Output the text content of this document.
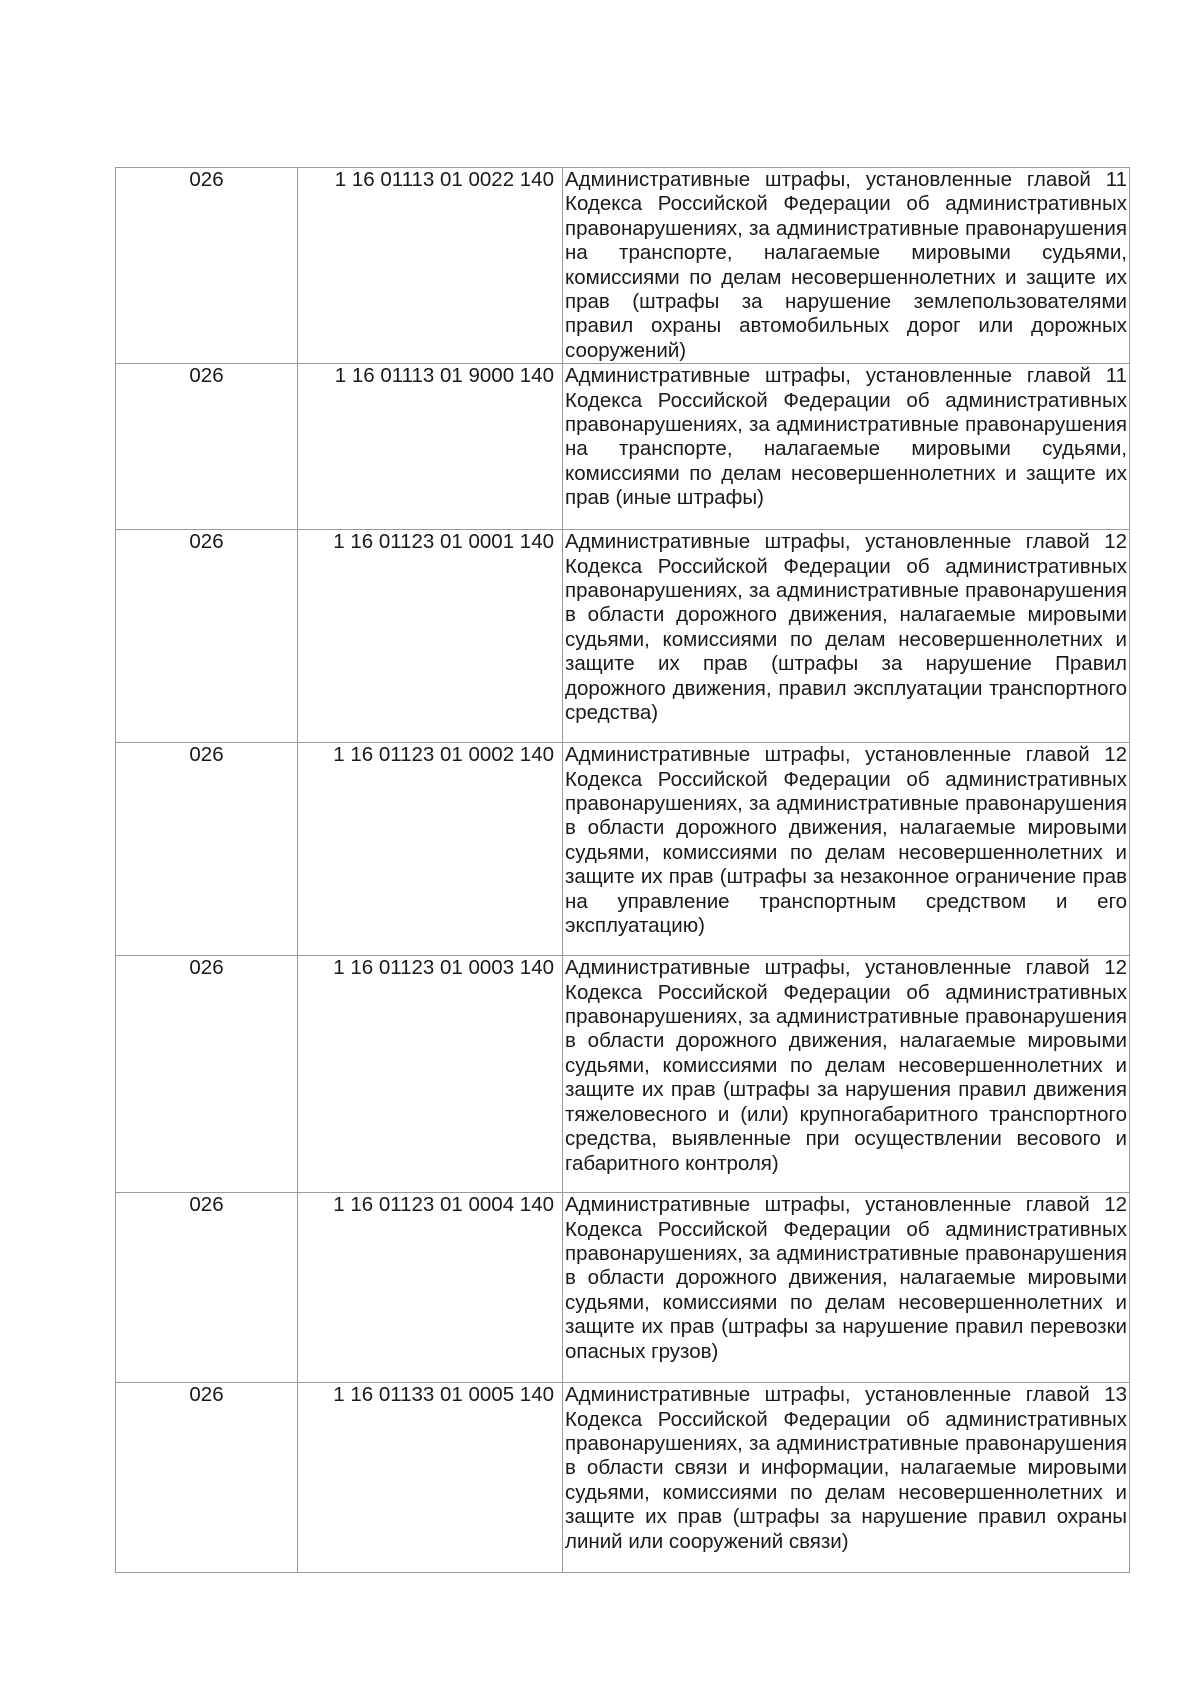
026	1 16 01113 01 0022 140	Административные штрафы, установленные главой 11 Кодекса Российской Федерации об административных правонарушениях, за административные правонарушения на транспорте, налагаемые мировыми судьями, комиссиями по делам несовершеннолетних и защите их прав (штрафы за нарушение землепользователями правил охраны автомобильных дорог или дорожных сооружений)

026	1 16 01113 01 9000 140	Административные штрафы, установленные главой 11 Кодекса Российской Федерации об административных правонарушениях, за административные правонарушения на транспорте, налагаемые мировыми судьями, комиссиями по делам несовершеннолетних и защите их прав (иные штрафы)

026	1 16 01123 01 0001 140	Административные штрафы, установленные главой 12 Кодекса Российской Федерации об административных правонарушениях, за административные правонарушения в области дорожного движения, налагаемые мировыми судьями, комиссиями по делам несовершеннолетних и защите их прав (штрафы за нарушение Правил дорожного движения, правил эксплуатации транспортного средства)

026	1 16 01123 01 0002 140	Административные штрафы, установленные главой 12 Кодекса Российской Федерации об административных правонарушениях, за административные правонарушения в области дорожного движения, налагаемые мировыми судьями, комиссиями по делам несовершеннолетних и защите их прав (штрафы за незаконное ограничение прав на управление транспортным средством и его эксплуатацию)

026	1 16 01123 01 0003 140	Административные штрафы, установленные главой 12 Кодекса Российской Федерации об административных правонарушениях, за административные правонарушения в области дорожного движения, налагаемые мировыми судьями, комиссиями по делам несовершеннолетних и защите их прав (штрафы за нарушения правил движения тяжеловесного и (или) крупногабаритного транспортного средства, выявленные при осуществлении весового и габаритного контроля)

026	1 16 01123 01 0004 140	Административные штрафы, установленные главой 12 Кодекса Российской Федерации об административных правонарушениях, за административные правонарушения в области дорожного движения, налагаемые мировыми судьями, комиссиями по делам несовершеннолетних и защите их прав (штрафы за нарушение правил перевозки опасных грузов)

026	1 16 01133 01 0005 140	Административные штрафы, установленные главой 13 Кодекса Российской Федерации об административных правонарушениях, за административные правонарушения в области связи и информации, налагаемые мировыми судьями, комиссиями по делам несовершеннолетних и защите их прав (штрафы за нарушение правил охраны линий или сооружений связи)
